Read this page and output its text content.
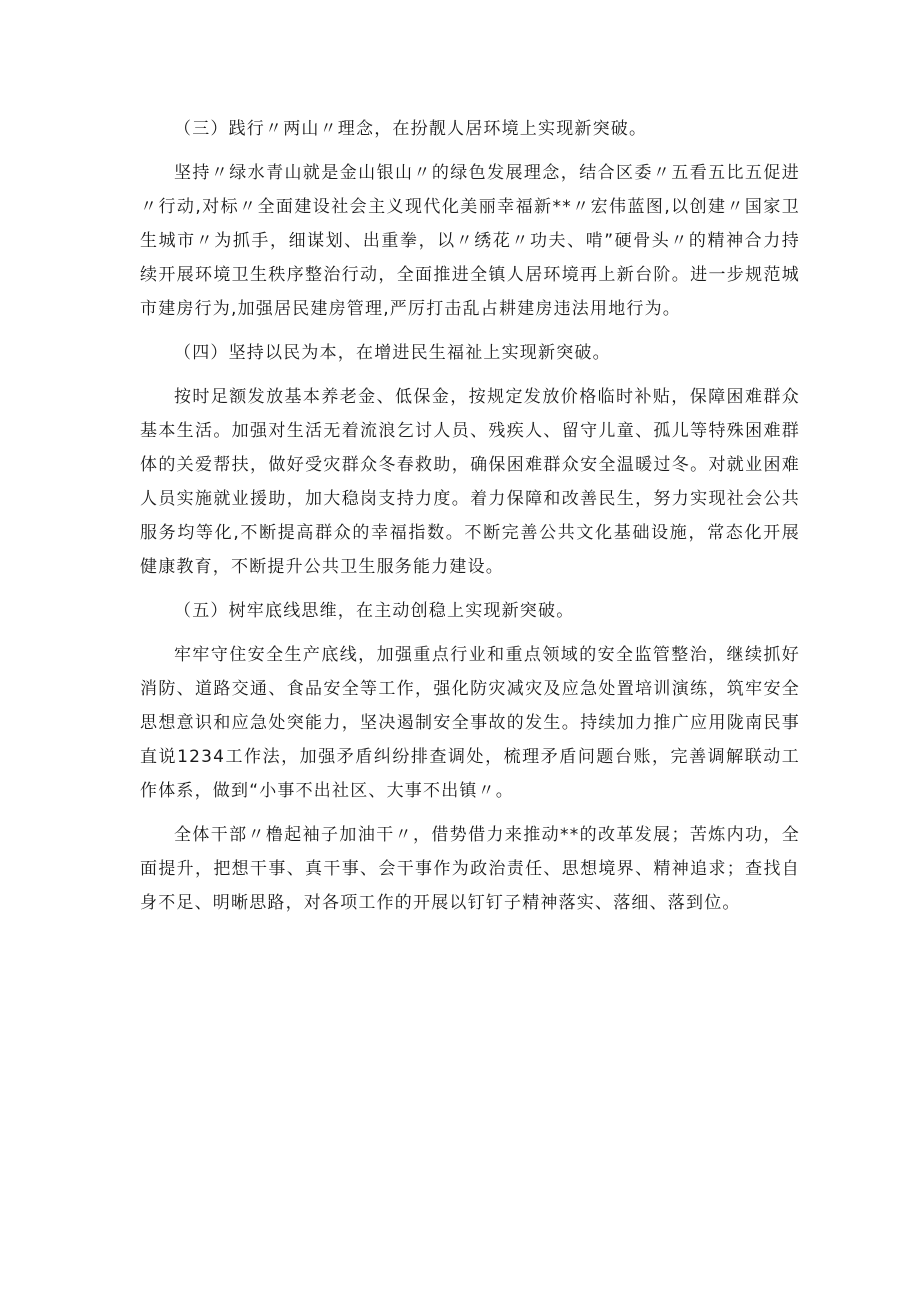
（三）践行〃两山〃理念，在扮靓人居环境上实现新突破。

坚持〃绿水青山就是金山银山〃的绿色发展理念，结合区委〃五看五比五促进〃行动,对标〃全面建设社会主义现代化美丽幸福新**〃宏伟蓝图,以创建〃国家卫生城市〃为抓手，细谋划、出重拳，以〃绣花〃功夫、啃”硬骨头〃的精神合力持续开展环境卫生秩序整治行动，全面推进全镇人居环境再上新台阶。进一步规范城市建房行为,加强居民建房管理,严厉打击乱占耕建房违法用地行为。

（四）坚持以民为本，在增进民生福祉上实现新突破。

按时足额发放基本养老金、低保金，按规定发放价格临时补贴，保障困难群众基本生活。加强对生活无着流浪乞讨人员、残疾人、留守儿童、孤儿等特殊困难群体的关爱帮扶，做好受灾群众冬春救助，确保困难群众安全温暖过冬。对就业困难人员实施就业援助，加大稳岗支持力度。着力保障和改善民生，努力实现社会公共服务均等化,不断提高群众的幸福指数。不断完善公共文化基础设施，常态化开展健康教育，不断提升公共卫生服务能力建设。

（五）树牢底线思维，在主动创稳上实现新突破。

牢牢守住安全生产底线，加强重点行业和重点领域的安全监管整治，继续抓好消防、道路交通、食品安全等工作，强化防灾减灾及应急处置培训演练，筑牢安全思想意识和应急处突能力，坚决遏制安全事故的发生。持续加力推广应用陇南民事直说1234工作法，加强矛盾纠纷排查调处，梳理矛盾问题台账，完善调解联动工作体系，做到“小事不出社区、大事不出镇〃。

全体干部〃橹起袖子加油干〃，借势借力来推动**的改革发展；苦炼内功，全面提升，把想干事、真干事、会干事作为政治责任、思想境界、精神追求；查找自身不足、明晰思路，对各项工作的开展以钉钉子精神落实、落细、落到位。
